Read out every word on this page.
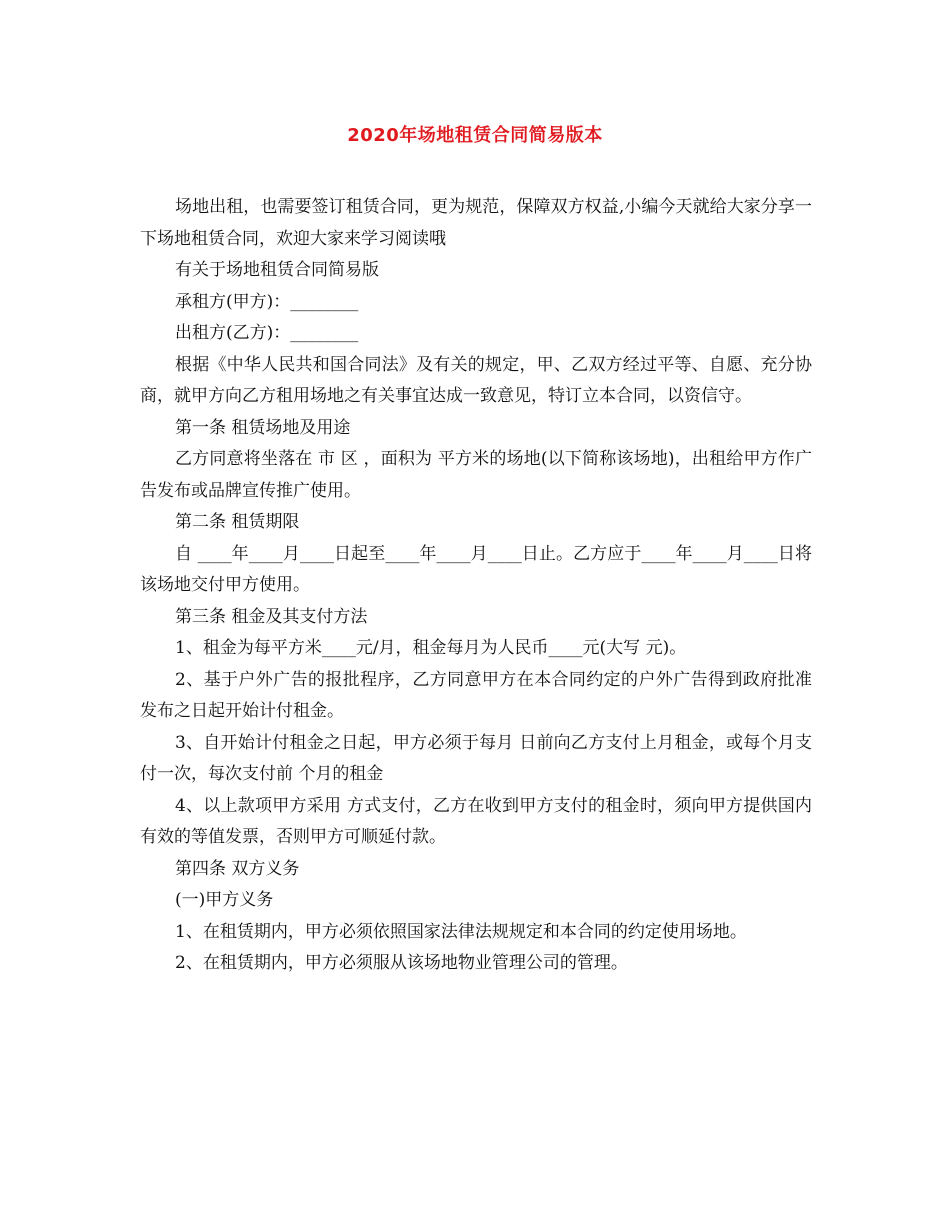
2020年场地租赁合同简易版本

场地出租，也需要签订租赁合同，更为规范，保障双方权益,小编今天就给大家分享一下场地租赁合同，欢迎大家来学习阅读哦

有关于场地租赁合同简易版

承租方(甲方)：________

出租方(乙方)：________

根据《中华人民共和国合同法》及有关的规定，甲、乙双方经过平等、自愿、充分协商，就甲方向乙方租用场地之有关事宜达成一致意见，特订立本合同，以资信守。

第一条 租赁场地及用途

乙方同意将坐落在 市 区 ，面积为 平方米的场地(以下简称该场地)，出租给甲方作广告发布或品牌宣传推广使用。

第二条 租赁期限

自 ____年____月____日起至____年____月____日止。乙方应于____年____月____日将该场地交付甲方使用。

第三条 租金及其支付方法

1、租金为每平方米____元/月，租金每月为人民币____元(大写 元)。

2、基于户外广告的报批程序，乙方同意甲方在本合同约定的户外广告得到政府批准发布之日起开始计付租金。

3、自开始计付租金之日起，甲方必须于每月 日前向乙方支付上月租金，或每个月支付一次，每次支付前 个月的租金

4、以上款项甲方采用 方式支付，乙方在收到甲方支付的租金时，须向甲方提供国内有效的等值发票，否则甲方可顺延付款。

第四条 双方义务

(一)甲方义务

1、在租赁期内，甲方必须依照国家法律法规规定和本合同的约定使用场地。

2、在租赁期内，甲方必须服从该场地物业管理公司的管理。
